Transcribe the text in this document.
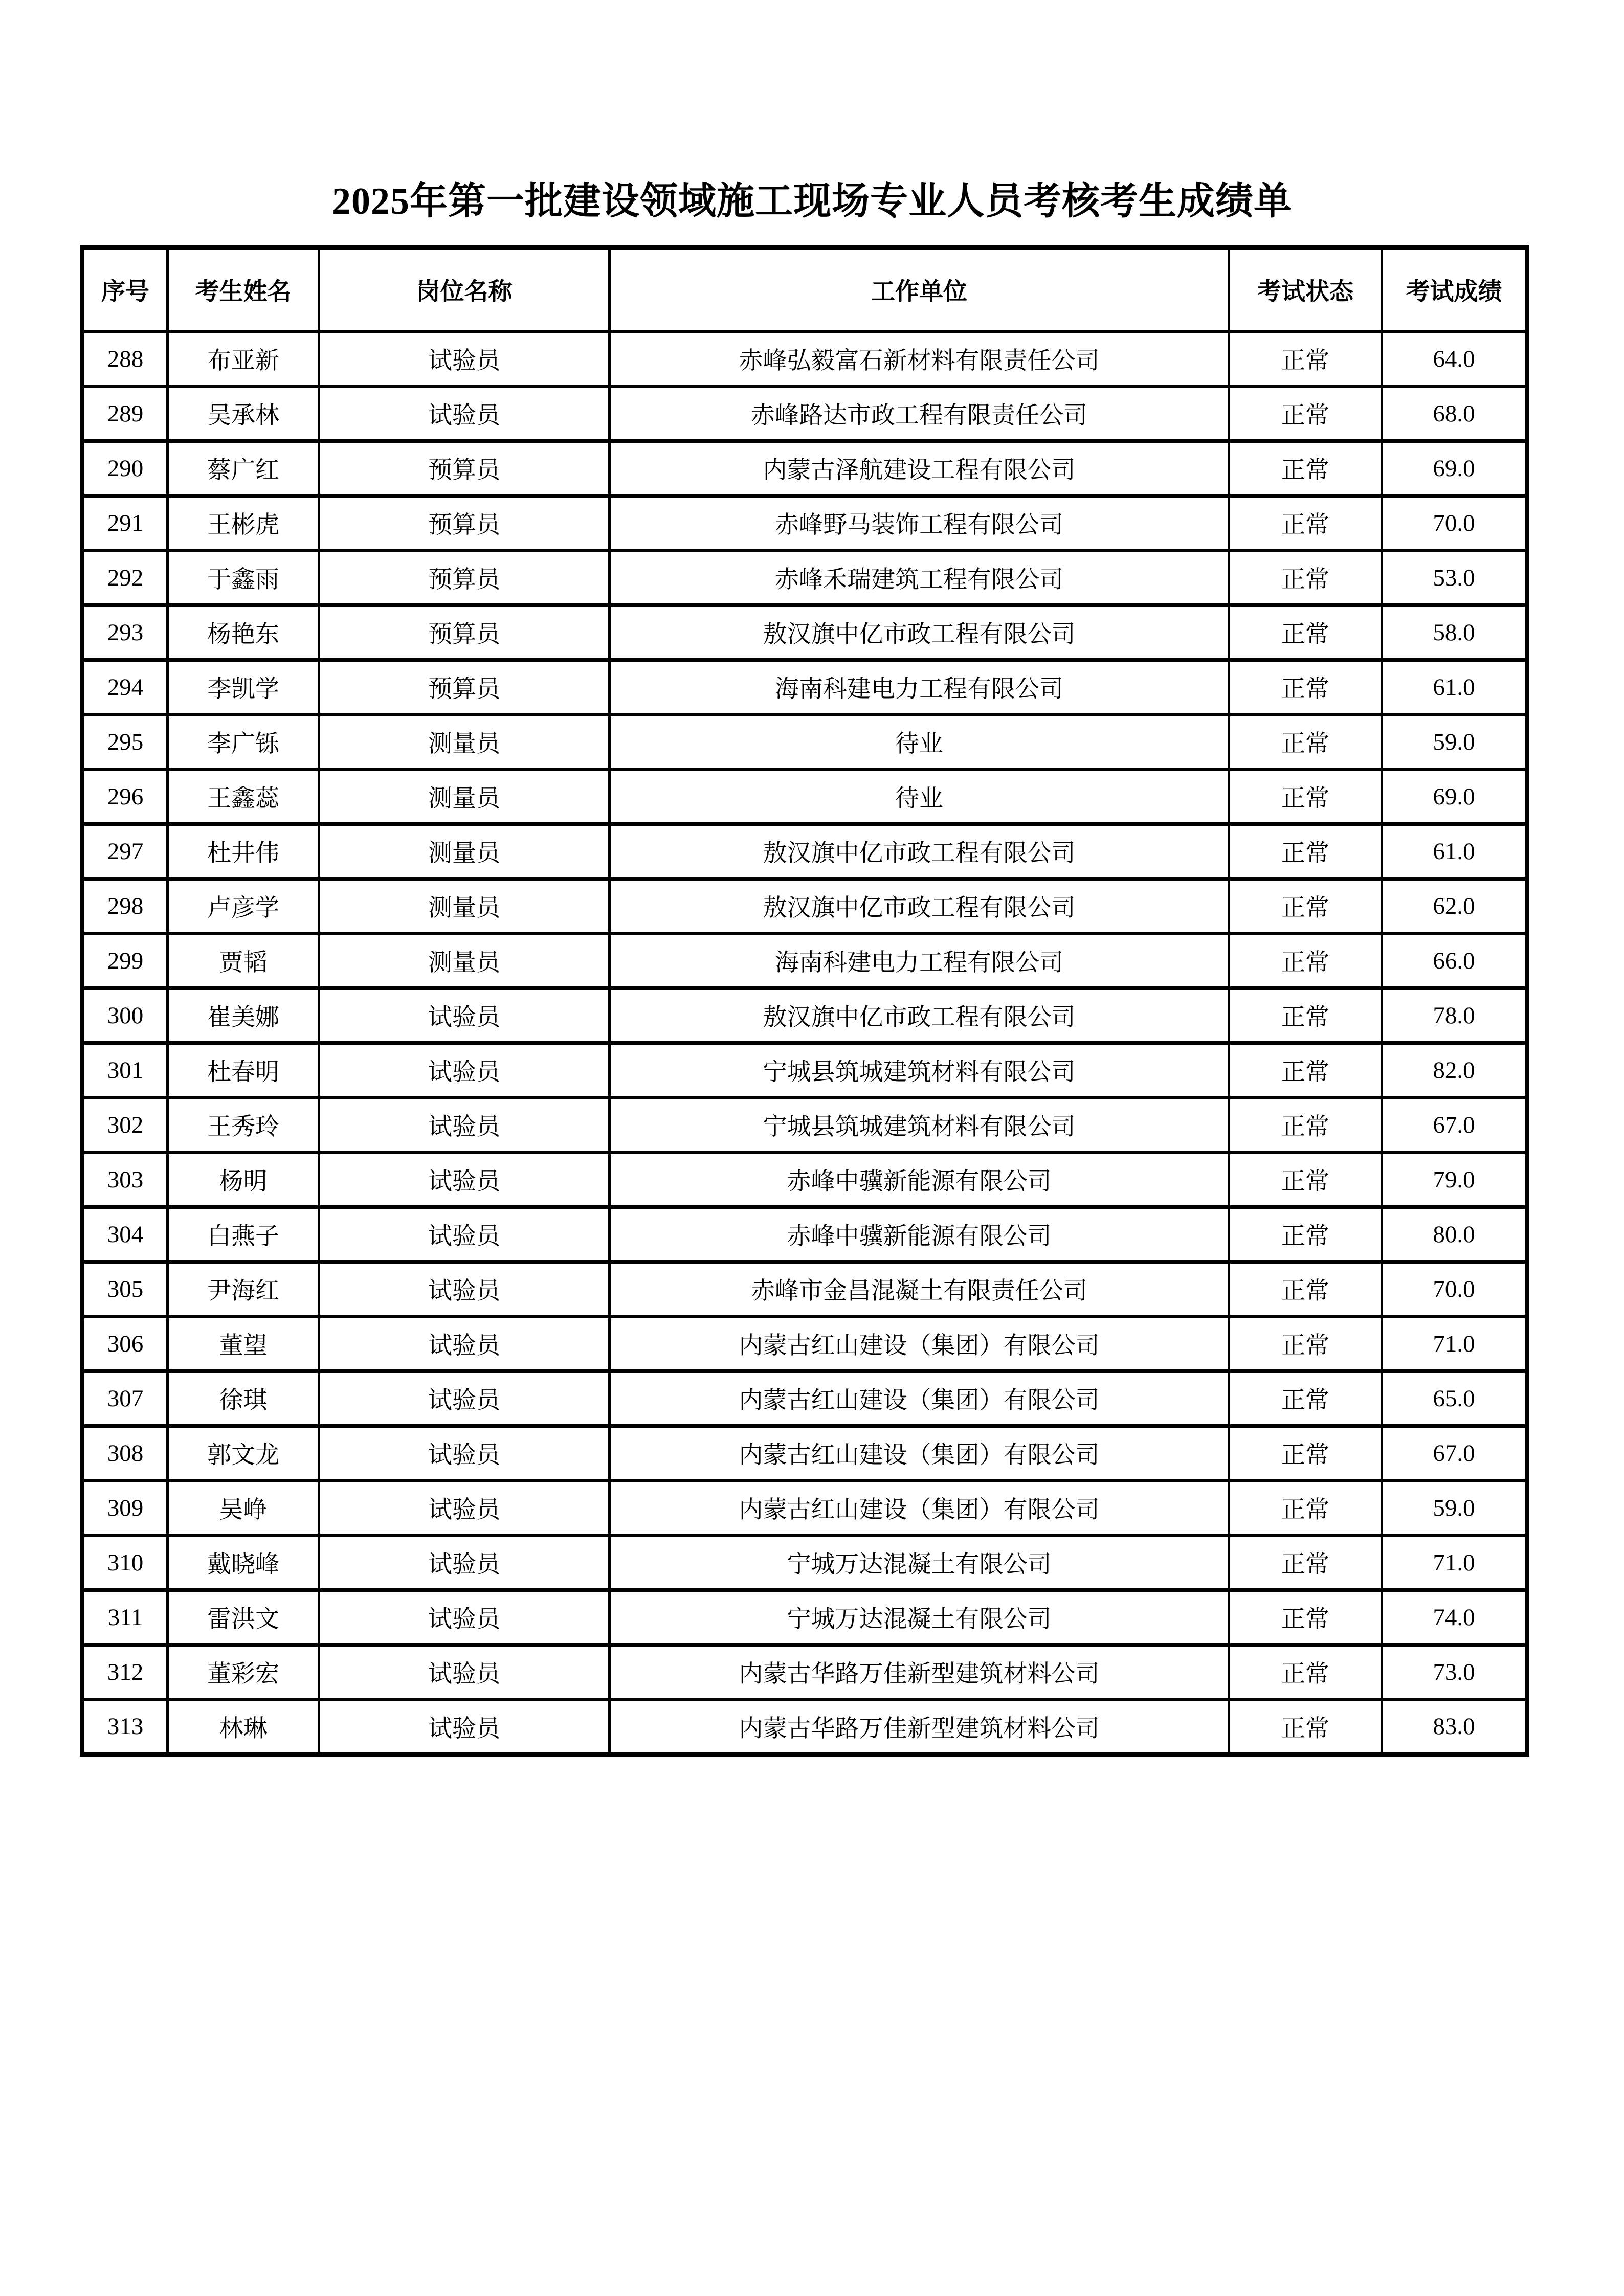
2025年第一批建设领域施工现场专业人员考核考生成绩单
序号	考生姓名	岗位名称	工作单位	考试状态	考试成绩
288	布亚新	试验员	赤峰弘毅富石新材料有限责任公司	正常	64.0
289	吴承林	试验员	赤峰路达市政工程有限责任公司	正常	68.0
290	蔡广红	预算员	内蒙古泽航建设工程有限公司	正常	69.0
291	王彬虎	预算员	赤峰野马装饰工程有限公司	正常	70.0
292	于鑫雨	预算员	赤峰禾瑞建筑工程有限公司	正常	53.0
293	杨艳东	预算员	敖汉旗中亿市政工程有限公司	正常	58.0
294	李凯学	预算员	海南科建电力工程有限公司	正常	61.0
295	李广铄	测量员	待业	正常	59.0
296	王鑫蕊	测量员	待业	正常	69.0
297	杜井伟	测量员	敖汉旗中亿市政工程有限公司	正常	61.0
298	卢彦学	测量员	敖汉旗中亿市政工程有限公司	正常	62.0
299	贾韬	测量员	海南科建电力工程有限公司	正常	66.0
300	崔美娜	试验员	敖汉旗中亿市政工程有限公司	正常	78.0
301	杜春明	试验员	宁城县筑城建筑材料有限公司	正常	82.0
302	王秀玲	试验员	宁城县筑城建筑材料有限公司	正常	67.0
303	杨明	试验员	赤峰中骥新能源有限公司	正常	79.0
304	白燕子	试验员	赤峰中骥新能源有限公司	正常	80.0
305	尹海红	试验员	赤峰市金昌混凝土有限责任公司	正常	70.0
306	董望	试验员	内蒙古红山建设（集团）有限公司	正常	71.0
307	徐琪	试验员	内蒙古红山建设（集团）有限公司	正常	65.0
308	郭文龙	试验员	内蒙古红山建设（集团）有限公司	正常	67.0
309	吴峥	试验员	内蒙古红山建设（集团）有限公司	正常	59.0
310	戴晓峰	试验员	宁城万达混凝土有限公司	正常	71.0
311	雷洪文	试验员	宁城万达混凝土有限公司	正常	74.0
312	董彩宏	试验员	内蒙古华路万佳新型建筑材料公司	正常	73.0
313	林琳	试验员	内蒙古华路万佳新型建筑材料公司	正常	83.0
